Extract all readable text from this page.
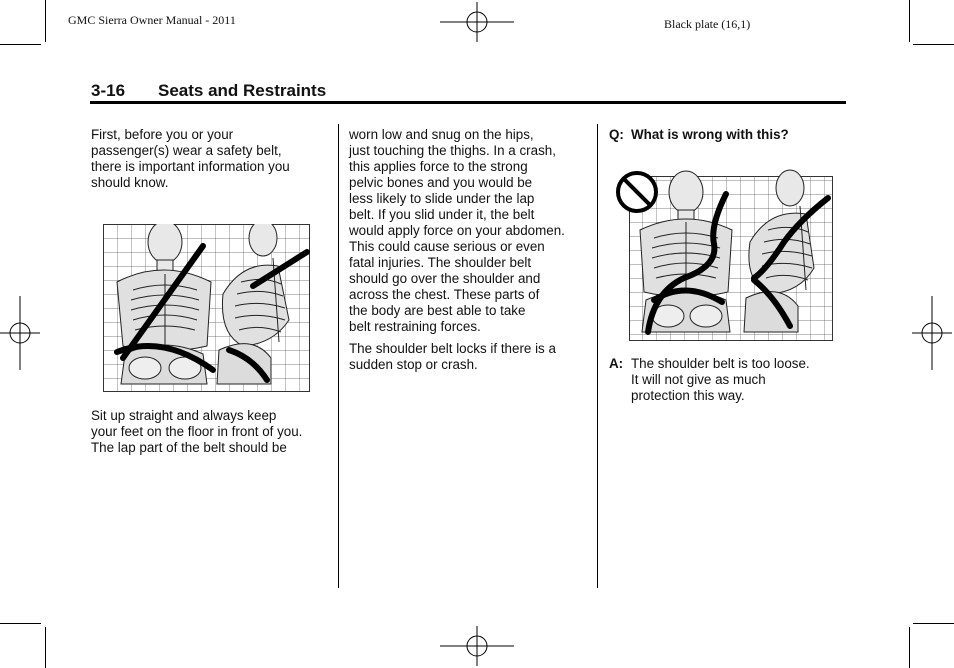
GMC Sierra Owner Manual - 2011	Black plate (16,1)
3-16 Seats and Restraints
First, before you or your
passenger(s) wear a safety belt,
there is important information you
should know.
Sit up straight and always keep
your feet on the floor in front of you.
The lap part of the belt should be
worn low and snug on the hips,
just touching the thighs. In a crash,
this applies force to the strong
pelvic bones and you would be
less likely to slide under the lap
belt. If you slid under it, the belt
would apply force on your abdomen.
This could cause serious or even
fatal injuries. The shoulder belt
should go over the shoulder and
across the chest. These parts of
the body are best able to take
belt restraining forces.
The shoulder belt locks if there is a
sudden stop or crash.
Q: What is wrong with this?
A: The shoulder belt is too loose.
It will not give as much
protection this way.
